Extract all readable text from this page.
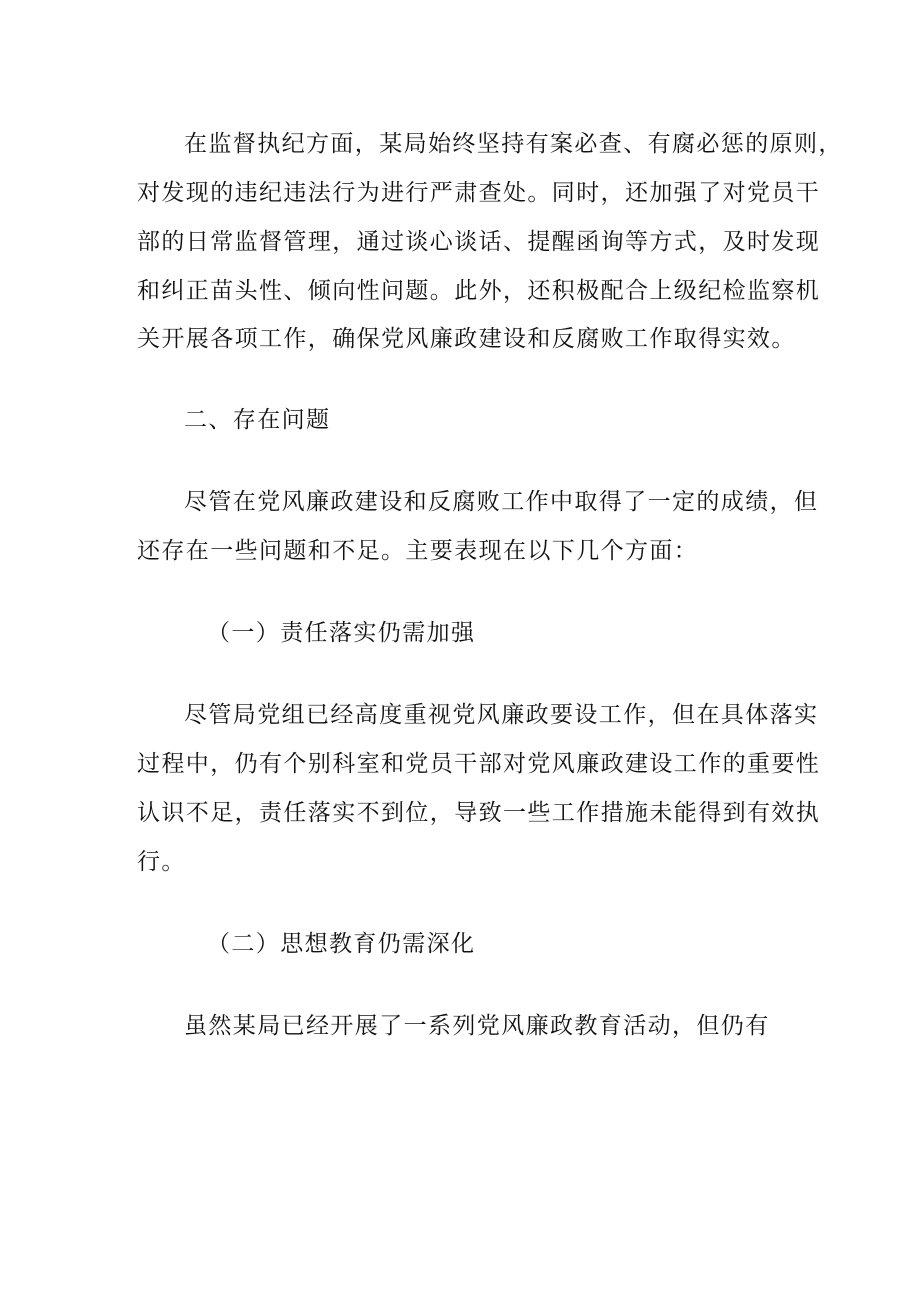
在监督执纪方面，某局始终坚持有案必查、有腐必惩的原则，
对发现的违纪违法行为进行严肃查处。同时，还加强了对党员干
部的日常监督管理，通过谈心谈话、提醒函询等方式，及时发现
和纠正苗头性、倾向性问题。此外，还积极配合上级纪检监察机
关开展各项工作，确保党风廉政建设和反腐败工作取得实效。
二、存在问题
尽管在党风廉政建设和反腐败工作中取得了一定的成绩，但
还存在一些问题和不足。主要表现在以下几个方面：
（一）责任落实仍需加强
尽管局党组已经高度重视党风廉政要设工作，但在具体落实
过程中，仍有个别科室和党员干部对党风廉政建设工作的重要性
认识不足，责任落实不到位，导致一些工作措施未能得到有效执
行。
（二）思想教育仍需深化
虽然某局已经开展了一系列党风廉政教育活动，但仍有
